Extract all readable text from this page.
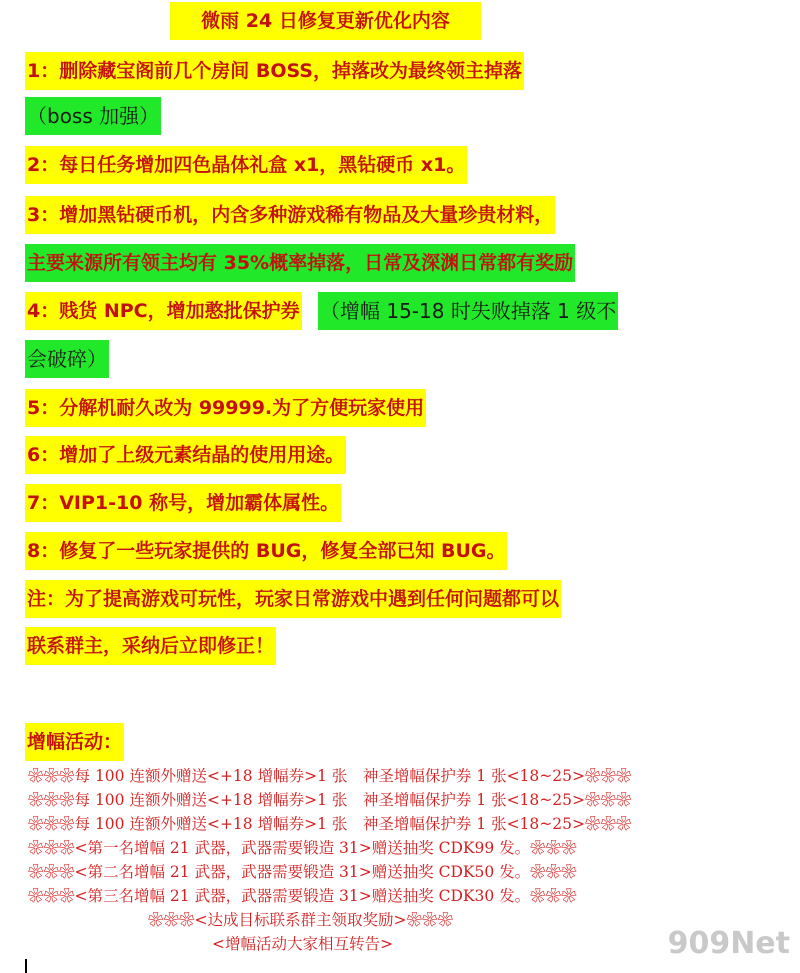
微雨 24 日修复更新优化内容
1：删除藏宝阁前几个房间 BOSS，掉落改为最终领主掉落
（boss 加强）
2：每日任务增加四色晶体礼盒 x1，黑钻硬币 x1。
3：增加黑钻硬币机，内含多种游戏稀有物品及大量珍贵材料，
主要来源所有领主均有 35%概率掉落，日常及深渊日常都有奖励
4：贱货 NPC，增加憨批保护券 （增幅 15-18 时失败掉落 1 级不
会破碎）
5：分解机耐久改为 99999.为了方便玩家使用
6：增加了上级元素结晶的使用用途。
7：VIP1-10 称号，增加霸体属性。
8：修复了一些玩家提供的 BUG，修复全部已知 BUG。
注：为了提高游戏可玩性，玩家日常游戏中遇到任何问题都可以
联系群主，采纳后立即修正！
增幅活动：
❀❀❀每 100 连额外赠送<+18 增幅券>1 张　神圣增幅保护券 1 张<18~25>❀❀❀
❀❀❀每 100 连额外赠送<+18 增幅券>1 张　神圣增幅保护券 1 张<18~25>❀❀❀
❀❀❀每 100 连额外赠送<+18 增幅券>1 张　神圣增幅保护券 1 张<18~25>❀❀❀
❀❀❀<第一名增幅 21 武器，武器需要锻造 31>赠送抽奖 CDK99 发。❀❀❀
❀❀❀<第二名增幅 21 武器，武器需要锻造 31>赠送抽奖 CDK50 发。❀❀❀
❀❀❀<第三名增幅 21 武器，武器需要锻造 31>赠送抽奖 CDK30 发。❀❀❀
❀❀❀<达成目标联系群主领取奖励>❀❀❀
<增幅活动大家相互转告>	909Net
